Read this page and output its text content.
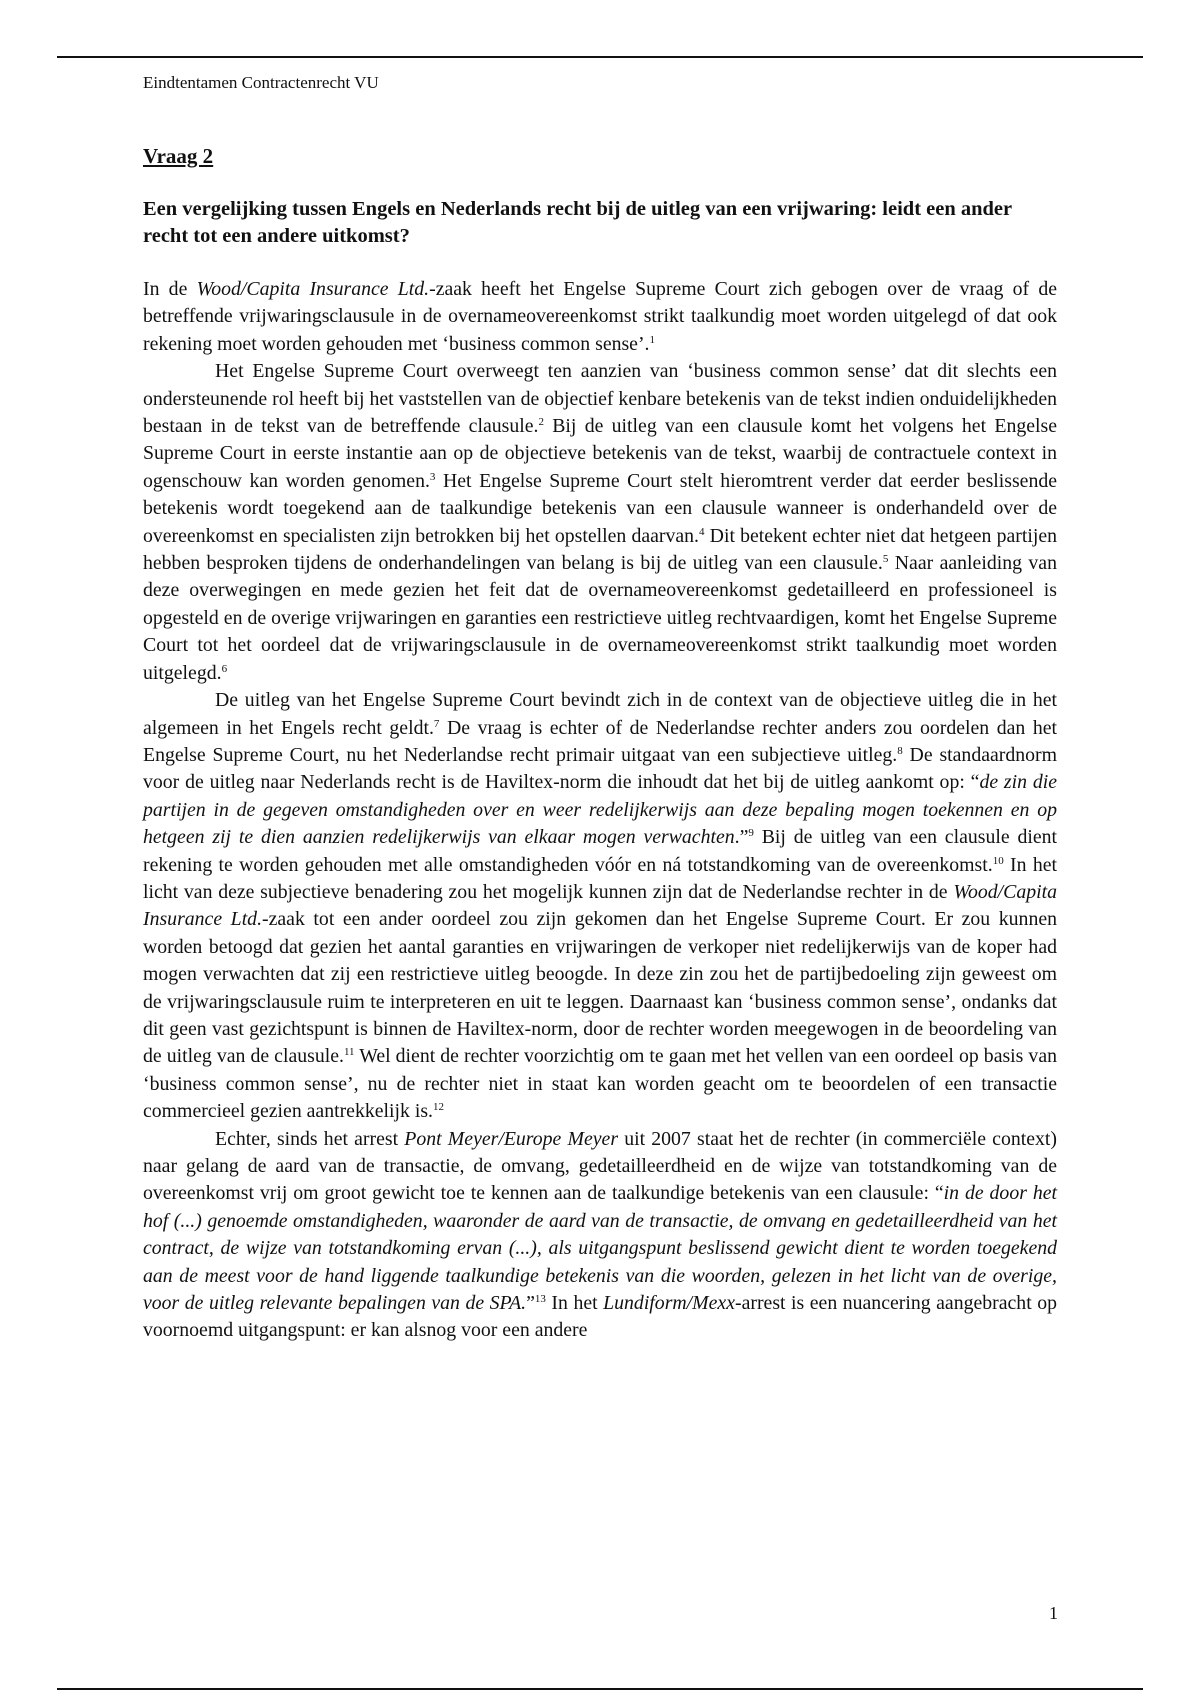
Eindtentamen Contractenrecht VU
Vraag 2
Een vergelijking tussen Engels en Nederlands recht bij de uitleg van een vrijwaring: leidt een ander recht tot een andere uitkomst?

In de Wood/Capita Insurance Ltd.-zaak heeft het Engelse Supreme Court zich gebogen over de vraag of de betreffende vrijwaringsclausule in de overnameovereenkomst strikt taalkundig moet worden uitgelegd of dat ook rekening moet worden gehouden met ‘business common sense’.$^1$

Het Engelse Supreme Court overweegt ten aanzien van ‘business common sense’ dat dit slechts een ondersteunende rol heeft bij het vaststellen van de objectief kenbare betekenis van de tekst indien onduidelijkheden bestaan in de tekst van de betreffende clausule.$^2$ Bij de uitleg van een clausule komt het volgens het Engelse Supreme Court in eerste instantie aan op de objectieve betekenis van de tekst, waarbij de contractuele context in ogenschouw kan worden genomen.$^3$ Het Engelse Supreme Court stelt hieromtrent verder dat eerder beslissende betekenis wordt toegekend aan de taalkundige betekenis van een clausule wanneer is onderhandeld over de overeenkomst en specialisten zijn betrokken bij het opstellen daarvan.$^4$ Dit betekent echter niet dat hetgeen partijen hebben besproken tijdens de onderhandelingen van belang is bij de uitleg van een clausule.$^5$ Naar aanleiding van deze overwegingen en mede gezien het feit dat de overnameovereenkomst gedetailleerd en professioneel is opgesteld en de overige vrijwaringen en garanties een restrictieve uitleg rechtvaardigen, komt het Engelse Supreme Court tot het oordeel dat de vrijwaringsclausule in de overnameovereenkomst strikt taalkundig moet worden uitgelegd.$^6$

De uitleg van het Engelse Supreme Court bevindt zich in de context van de objectieve uitleg die in het algemeen in het Engels recht geldt.$^7$ De vraag is echter of de Nederlandse rechter anders zou oordelen dan het Engelse Supreme Court, nu het Nederlandse recht primair uitgaat van een subjectieve uitleg.$^8$ De standaardnorm voor de uitleg naar Nederlands recht is de Haviltex-norm die inhoudt dat het bij de uitleg aankomt op: “de zin die partijen in de gegeven omstandigheden over en weer redelijkerwijs aan deze bepaling mogen toekennen en op hetgeen zij te dien aanzien redelijkerwijs van elkaar mogen verwachten.”$^9$ Bij de uitleg van een clausule dient rekening te worden gehouden met alle omstandigheden vóór en ná totstandkoming van de overeenkomst.$^{10}$ In het licht van deze subjectieve benadering zou het mogelijk kunnen zijn dat de Nederlandse rechter in de Wood/Capita Insurance Ltd.-zaak tot een ander oordeel zou zijn gekomen dan het Engelse Supreme Court. Er zou kunnen worden betoogd dat gezien het aantal garanties en vrijwaringen de verkoper niet redelijkerwijs van de koper had mogen verwachten dat zij een restrictieve uitleg beoogde. In deze zin zou het de partijbedoeling zijn geweest om de vrijwaringsclausule ruim te interpreteren en uit te leggen. Daarnaast kan ‘business common sense’, ondanks dat dit geen vast gezichtspunt is binnen de Haviltex-norm, door de rechter worden meegewogen in de beoordeling van de uitleg van de clausule.$^{11}$ Wel dient de rechter voorzichtig om te gaan met het vellen van een oordeel op basis van ‘business common sense’, nu de rechter niet in staat kan worden geacht om te beoordelen of een transactie commercieel gezien aantrekkelijk is.$^{12}$

Echter, sinds het arrest Pont Meyer/Europe Meyer uit 2007 staat het de rechter (in commerciële context) naar gelang de aard van de transactie, de omvang, gedetailleerdheid en de wijze van totstandkoming van de overeenkomst vrij om groot gewicht toe te kennen aan de taalkundige betekenis van een clausule: “in de door het hof (...) genoemde omstandigheden, waaronder de aard van de transactie, de omvang en gedetailleerdheid van het contract, de wijze van totstandkoming ervan (...), als uitgangspunt beslissend gewicht dient te worden toegekend aan de meest voor de hand liggende taalkundige betekenis van die woorden, gelezen in het licht van de overige, voor de uitleg relevante bepalingen van de SPA.”$^{13}$ In het Lundiform/Mexx-arrest is een nuancering aangebracht op voornoemd uitgangspunt: er kan alsnog voor een andere

1
